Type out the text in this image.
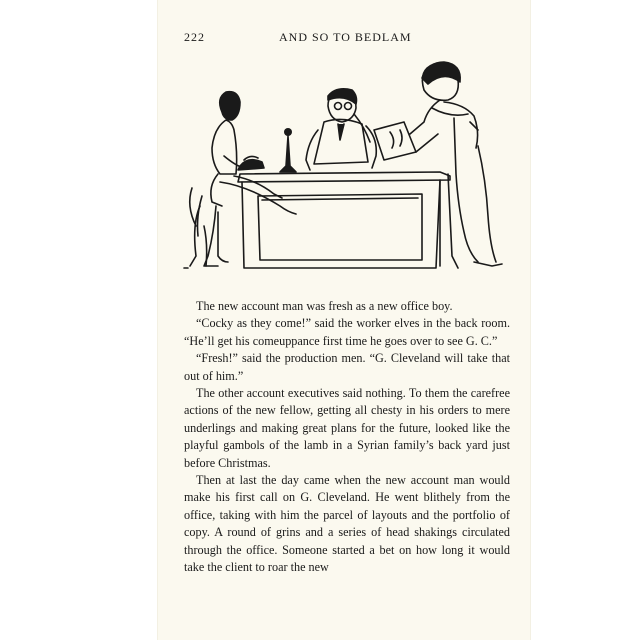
222	AND SO TO BEDLAM

The new account man was fresh as a new office boy.

“Cocky as they come!” said the worker elves in the back room. “He’ll get his comeuppance first time he goes over to see G. C.”

“Fresh!” said the production men. “G. Cleveland will take that out of him.”

The other account executives said nothing. To them the carefree actions of the new fellow, getting all chesty in his orders to mere underlings and making great plans for the future, looked like the playful gambols of the lamb in a Syrian family’s back yard just before Christmas.

Then at last the day came when the new account man would make his first call on G. Cleveland. He went blithely from the office, taking with him the parcel of layouts and the portfolio of copy. A round of grins and a series of head shakings circulated through the office. Someone started a bet on how long it would take the client to roar the new
